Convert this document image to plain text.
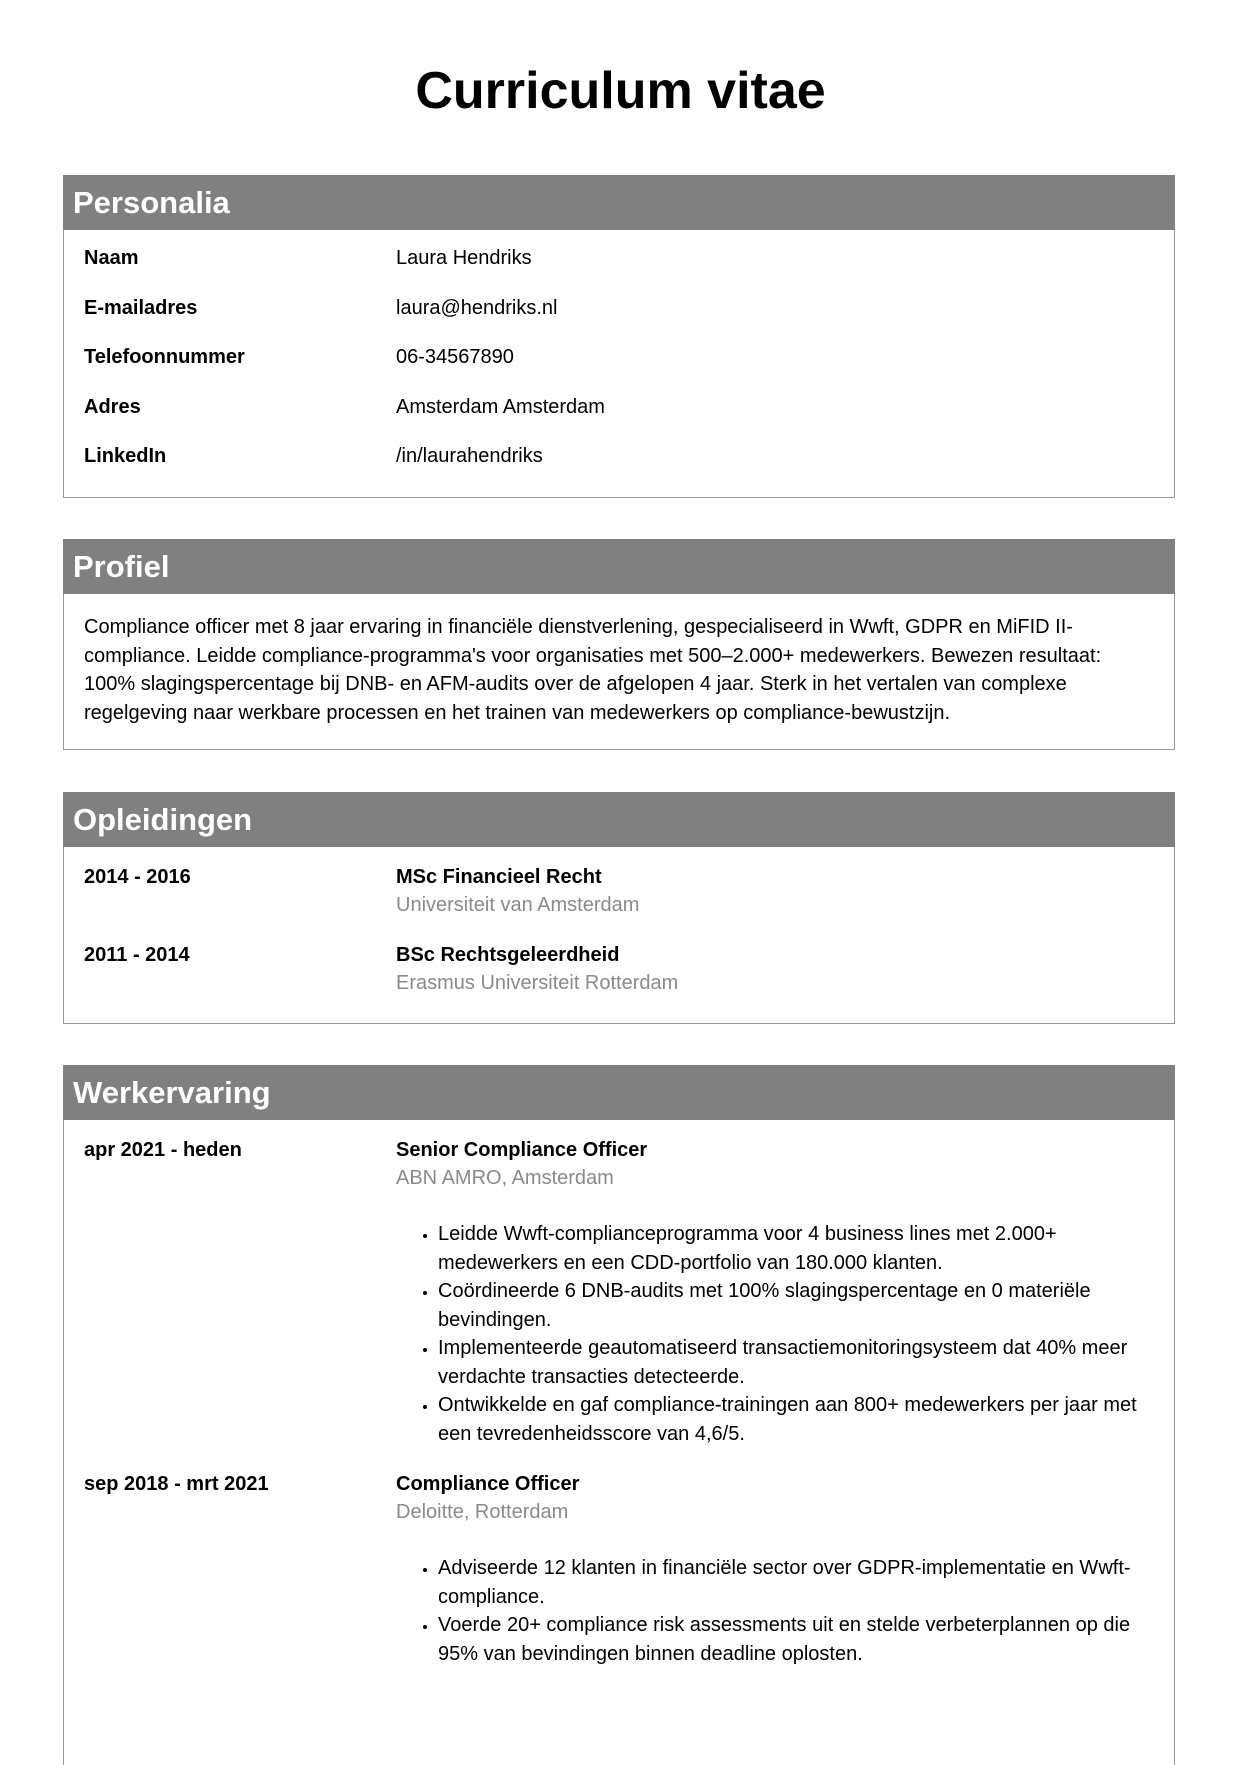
Curriculum vitae
Personalia
Naam	Laura Hendriks
E-mailadres	laura@hendriks.nl
Telefoonnummer	06-34567890
Adres	Amsterdam Amsterdam
LinkedIn	/in/laurahendriks
Profiel

Compliance officer met 8 jaar ervaring in financiële dienstverlening, gespecialiseerd in Wwft, GDPR en MiFID II-compliance. Leidde compliance-programma's voor organisaties met 500–2.000+ medewerkers. Bewezen resultaat: 100% slagingspercentage bij DNB- en AFM-audits over de afgelopen 4 jaar. Sterk in het vertalen van complexe regelgeving naar werkbare processen en het trainen van medewerkers op compliance-bewustzijn.

Opleidingen
2014 - 2016	MSc Financieel Recht
Universiteit van Amsterdam
2011 - 2014	BSc Rechtsgeleerdheid
Erasmus Universiteit Rotterdam
Werkervaring
apr 2021 - heden	Senior Compliance Officer
ABN AMRO, Amsterdam
• Leidde Wwft-complianceprogramma voor 4 business lines met 2.000+ medewerkers en een CDD-portfolio van 180.000 klanten.
• Coördineerde 6 DNB-audits met 100% slagingspercentage en 0 materiële bevindingen.
• Implementeerde geautomatiseerd transactiemonitoringsysteem dat 40% meer verdachte transacties detecteerde.
• Ontwikkelde en gaf compliance-trainingen aan 800+ medewerkers per jaar met een tevredenheidsscore van 4,6/5.
sep 2018 - mrt 2021	Compliance Officer
Deloitte, Rotterdam
• Adviseerde 12 klanten in financiële sector over GDPR-implementatie en Wwft-compliance.
• Voerde 20+ compliance risk assessments uit en stelde verbeterplannen op die 95% van bevindingen binnen deadline oplosten.
